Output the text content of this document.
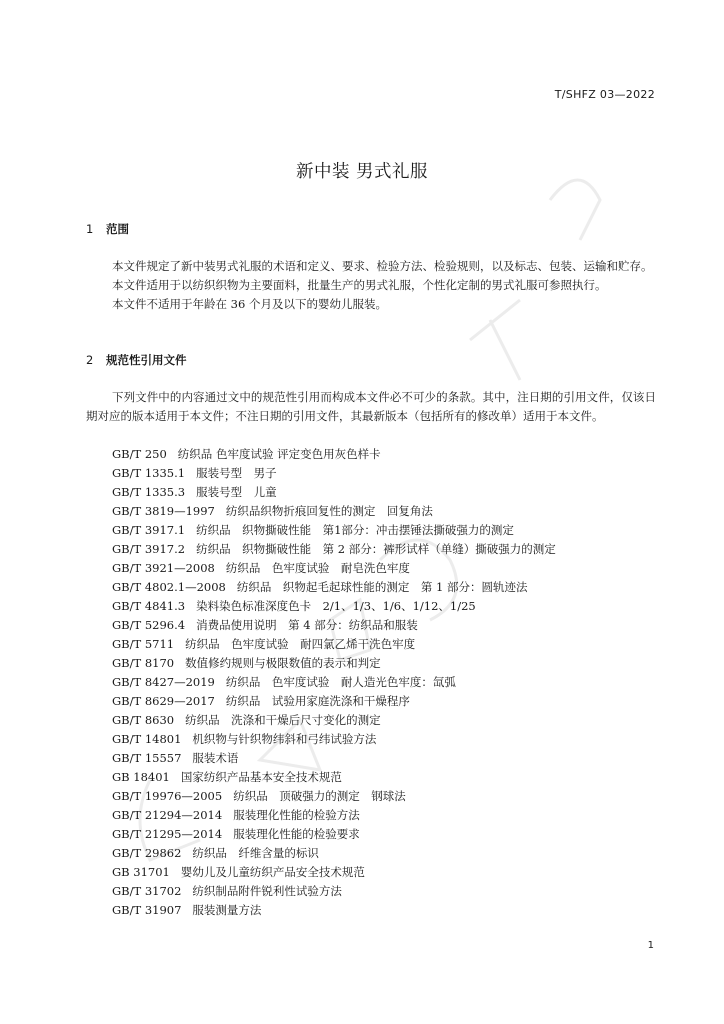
T/SHFZ 03—2022
新中装 男式礼服
1 范围

本文件规定了新中装男式礼服的术语和定义、要求、检验方法、检验规则，以及标志、包装、运输和贮存。

本文件适用于以纺织织物为主要面料，批量生产的男式礼服，个性化定制的男式礼服可参照执行。

本文件不适用于年龄在 36 个月及以下的婴幼儿服装。

2 规范性引用文件

下列文件中的内容通过文中的规范性引用而构成本文件必不可少的条款。其中，注日期的引用文件，仅该日期对应的版本适用于本文件；不注日期的引用文件，其最新版本（包括所有的修改单）适用于本文件。

GB/T 250 纺织品 色牢度试验 评定变色用灰色样卡
GB/T 1335.1 服装号型　男子
GB/T 1335.3 服装号型　儿童
GB/T 3819—1997 纺织品织物折痕回复性的测定　回复角法
GB/T 3917.1 纺织品　织物撕破性能　第1部分：冲击摆锤法撕破强力的测定
GB/T 3917.2 纺织品　织物撕破性能　第 2 部分：裤形试样（单缝）撕破强力的测定
GB/T 3921—2008 纺织品　色牢度试验　耐皂洗色牢度
GB/T 4802.1—2008 纺织品　织物起毛起球性能的测定　第 1 部分：圆轨迹法
GB/T 4841.3 染料染色标准深度色卡　2/1、1/3、1/6、1/12、1/25
GB/T 5296.4 消费品使用说明　第 4 部分：纺织品和服装
GB/T 5711 纺织品　色牢度试验　耐四氯乙烯干洗色牢度
GB/T 8170 数值修约规则与极限数值的表示和判定
GB/T 8427—2019 纺织品　色牢度试验　耐人造光色牢度：氙弧
GB/T 8629—2017 纺织品　试验用家庭洗涤和干燥程序
GB/T 8630 纺织品　洗涤和干燥后尺寸变化的测定
GB/T 14801 机织物与针织物纬斜和弓纬试验方法
GB/T 15557 服装术语
GB 18401 国家纺织产品基本安全技术规范
GB/T 19976—2005 纺织品　顶破强力的测定　钢球法
GB/T 21294—2014 服装理化性能的检验方法
GB/T 21295—2014 服装理化性能的检验要求
GB/T 29862 纺织品　纤维含量的标识
GB 31701 婴幼儿及儿童纺织产品安全技术规范
GB/T 31702 纺织制品附件锐利性试验方法
GB/T 31907 服装测量方法
1
